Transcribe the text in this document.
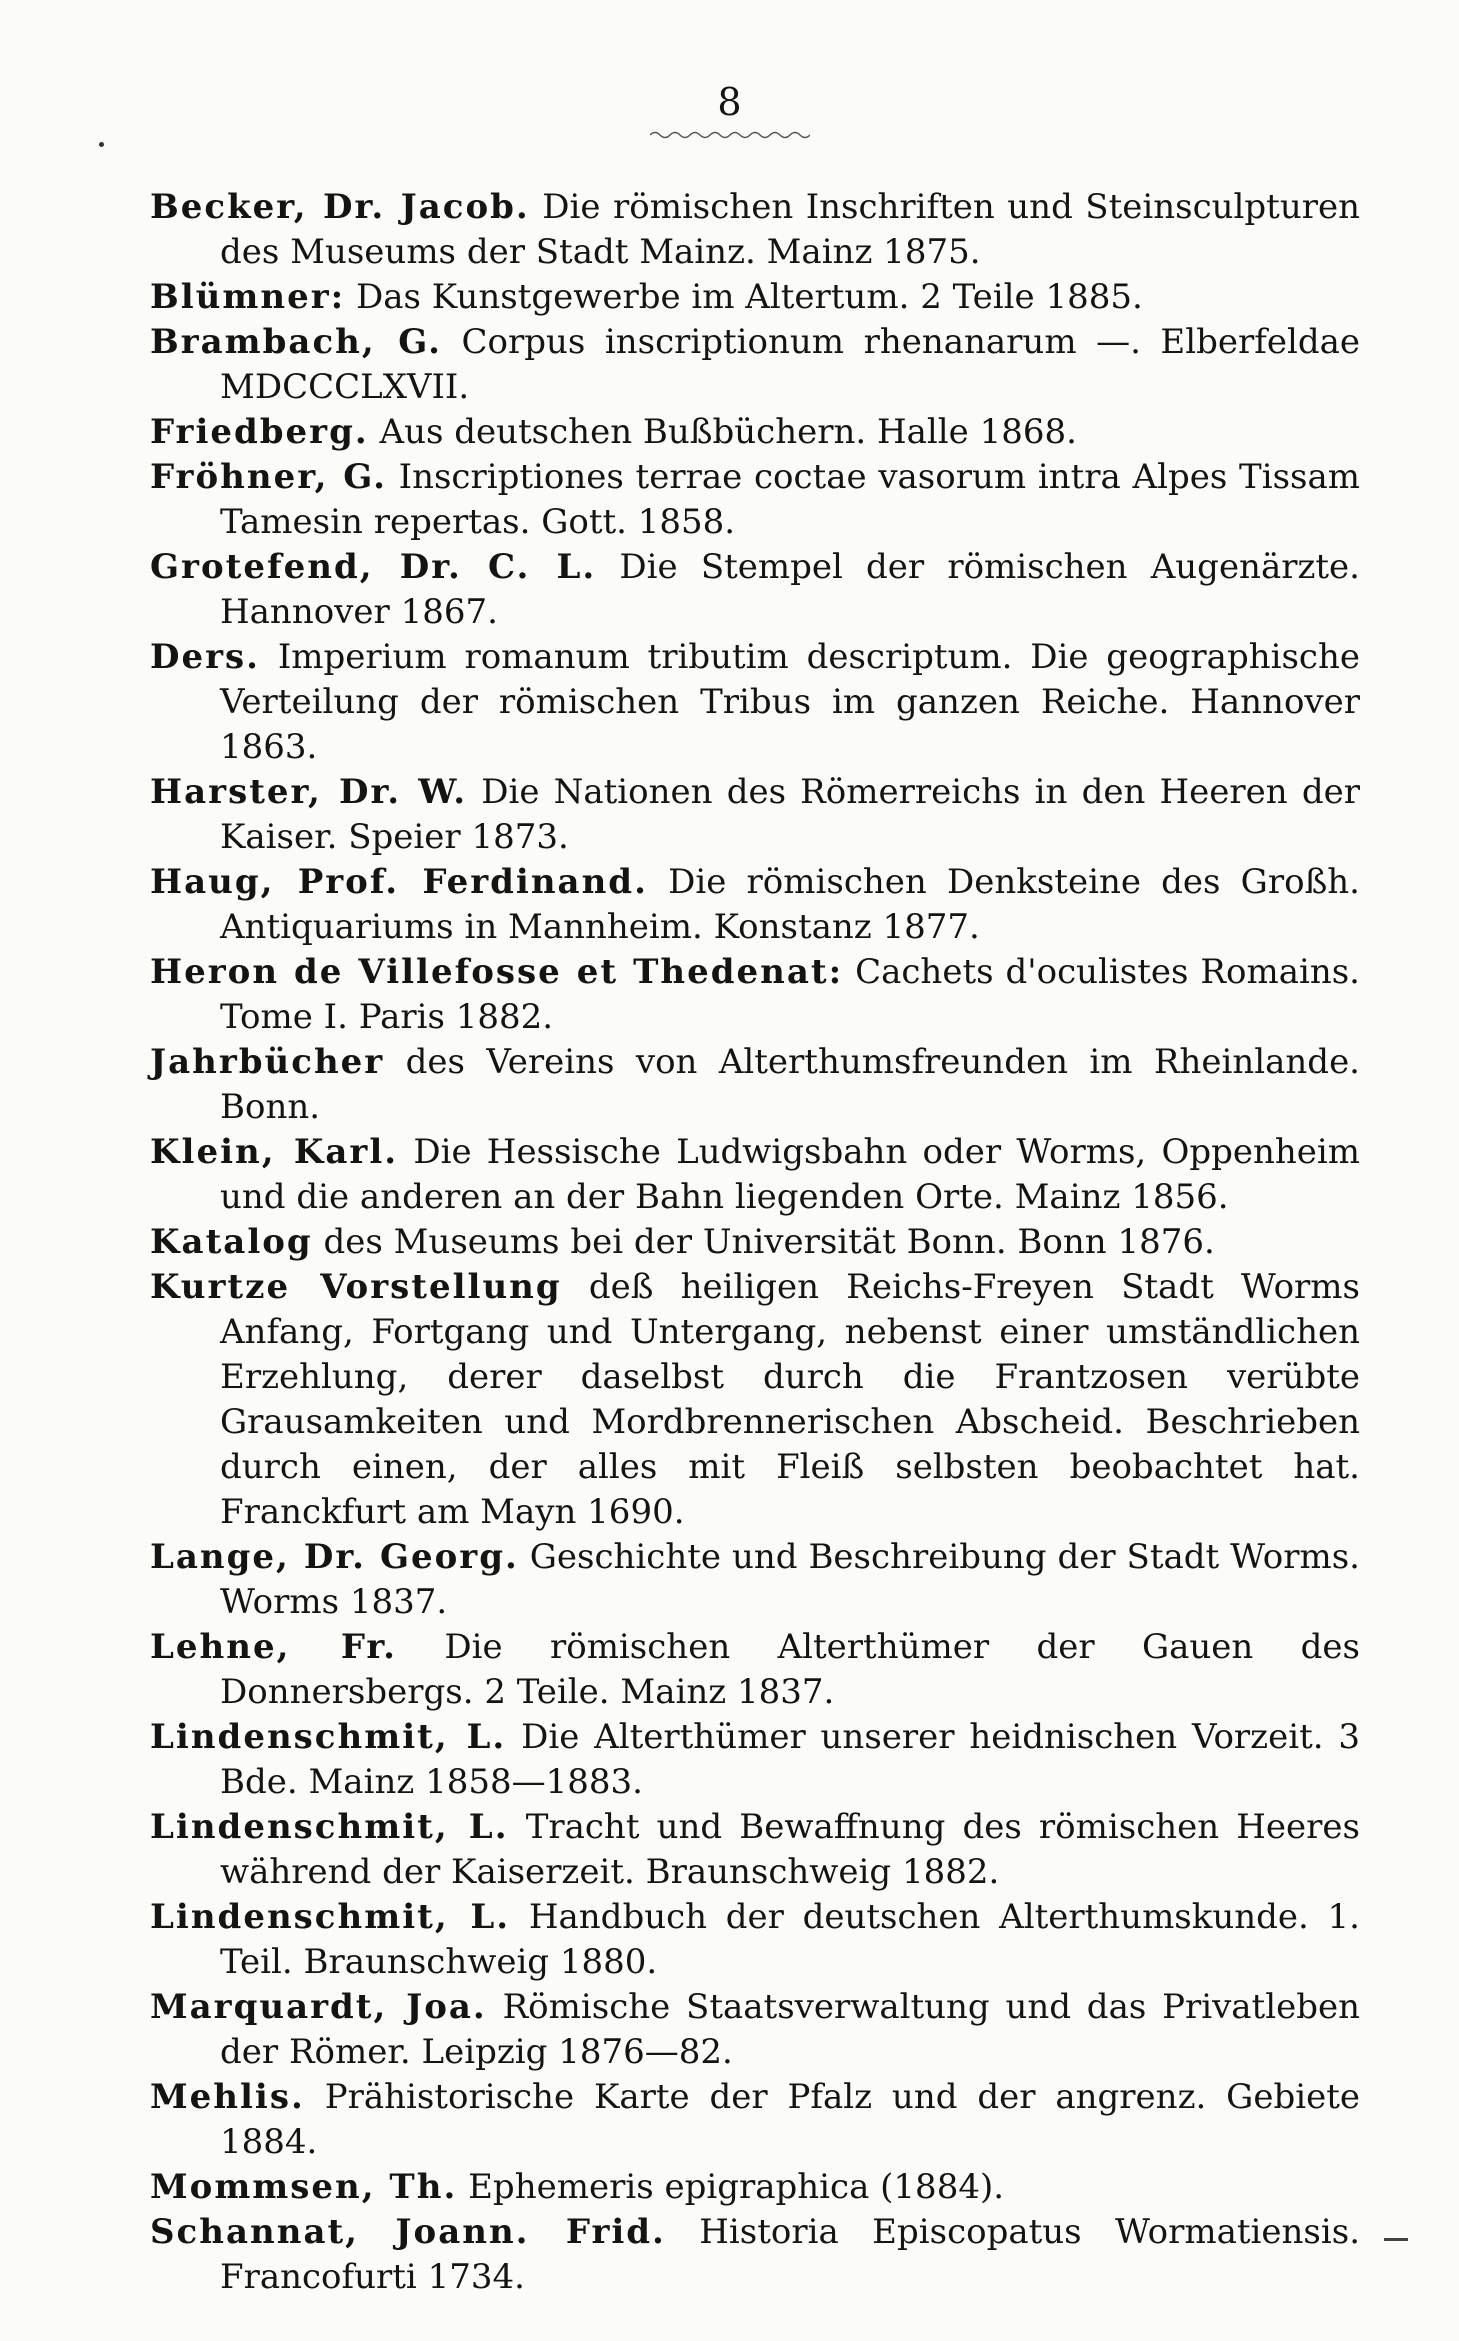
8

Becker, Dr. Jacob. Die römischen Inschriften und Steinsculpturen des Museums der Stadt Mainz. Mainz 1875.

Blümner: Das Kunstgewerbe im Altertum. 2 Teile 1885.

Brambach, G. Corpus inscriptionum rhenanarum —. Elberfeldae MDCCCLXVII.

Friedberg. Aus deutschen Bußbüchern. Halle 1868.

Fröhner, G. Inscriptiones terrae coctae vasorum intra Alpes Tissam Tamesin repertas. Gott. 1858.

Grotefend, Dr. C. L. Die Stempel der römischen Augenärzte. Hannover 1867.

Ders. Imperium romanum tributim descriptum. Die geographische Verteilung der römischen Tribus im ganzen Reiche. Hannover 1863.

Harster, Dr. W. Die Nationen des Römerreichs in den Heeren der Kaiser. Speier 1873.

Haug, Prof. Ferdinand. Die römischen Denksteine des Großh. Antiquariums in Mannheim. Konstanz 1877.

Heron de Villefosse et Thedenat: Cachets d'oculistes Romains. Tome I. Paris 1882.

Jahrbücher des Vereins von Alterthumsfreunden im Rheinlande. Bonn.

Klein, Karl. Die Hessische Ludwigsbahn oder Worms, Oppenheim und die anderen an der Bahn liegenden Orte. Mainz 1856.

Katalog des Museums bei der Universität Bonn. Bonn 1876.

Kurtze Vorstellung deß heiligen Reichs-Freyen Stadt Worms Anfang, Fortgang und Untergang, nebenst einer umständlichen Erzehlung, derer daselbst durch die Frantzosen verübte Grausamkeiten und Mordbrennerischen Abscheid. Beschrieben durch einen, der alles mit Fleiß selbsten beobachtet hat. Franckfurt am Mayn 1690.

Lange, Dr. Georg. Geschichte und Beschreibung der Stadt Worms. Worms 1837.

Lehne, Fr. Die römischen Alterthümer der Gauen des Donnersbergs. 2 Teile. Mainz 1837.

Lindenschmit, L. Die Alterthümer unserer heidnischen Vorzeit. 3 Bde. Mainz 1858—1883.

Lindenschmit, L. Tracht und Bewaffnung des römischen Heeres während der Kaiserzeit. Braunschweig 1882.

Lindenschmit, L. Handbuch der deutschen Alterthumskunde. 1. Teil. Braunschweig 1880.

Marquardt, Joa. Römische Staatsverwaltung und das Privatleben der Römer. Leipzig 1876—82.

Mehlis. Prähistorische Karte der Pfalz und der angrenz. Gebiete 1884.

Mommsen, Th. Ephemeris epigraphica (1884).

Schannat, Joann. Frid. Historia Episcopatus Wormatiensis. Francofurti 1734.
